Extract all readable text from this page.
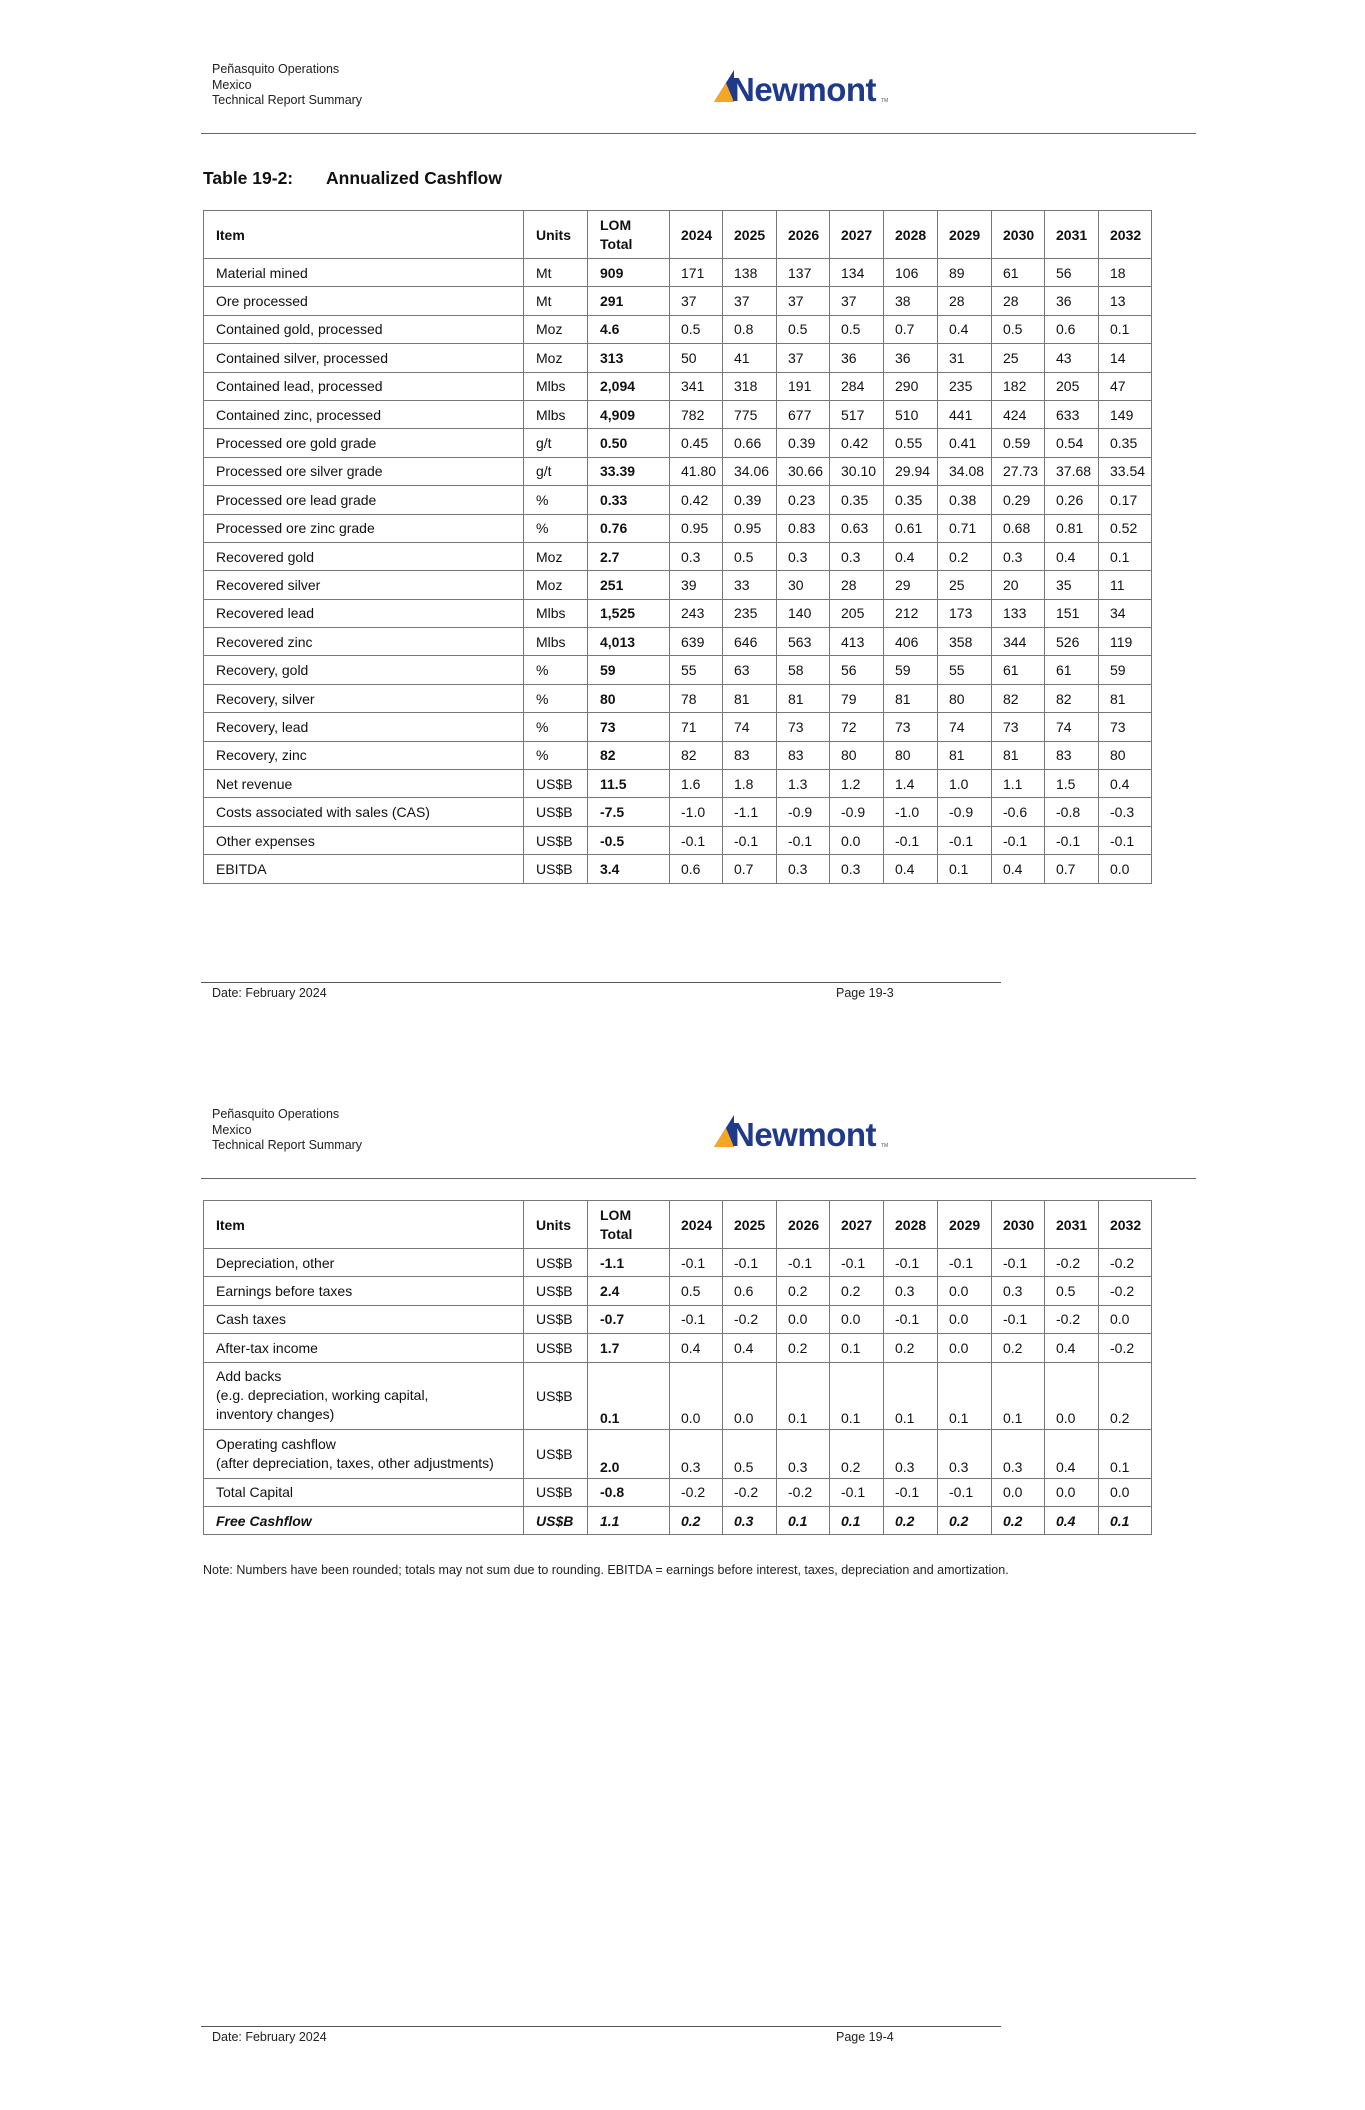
Peñasquito Operations
Mexico
Technical Report Summary	Newmont TM
Table 19-2: Annualized Cashflow
Item	Units	LOM
Total	2024	2025	2026	2027	2028	2029	2030	2031	2032
Material mined	Mt	909	171	138	137	134	106	89	61	56	18
Ore processed	Mt	291	37	37	37	37	38	28	28	36	13
Contained gold, processed	Moz	4.6	0.5	0.8	0.5	0.5	0.7	0.4	0.5	0.6	0.1
Contained silver, processed	Moz	313	50	41	37	36	36	31	25	43	14
Contained lead, processed	Mlbs	2,094	341	318	191	284	290	235	182	205	47
Contained zinc, processed	Mlbs	4,909	782	775	677	517	510	441	424	633	149
Processed ore gold grade	g/t	0.50	0.45	0.66	0.39	0.42	0.55	0.41	0.59	0.54	0.35
Processed ore silver grade	g/t	33.39	41.80	34.06	30.66	30.10	29.94	34.08	27.73	37.68	33.54
Processed ore lead grade	%	0.33	0.42	0.39	0.23	0.35	0.35	0.38	0.29	0.26	0.17
Processed ore zinc grade	%	0.76	0.95	0.95	0.83	0.63	0.61	0.71	0.68	0.81	0.52
Recovered gold	Moz	2.7	0.3	0.5	0.3	0.3	0.4	0.2	0.3	0.4	0.1
Recovered silver	Moz	251	39	33	30	28	29	25	20	35	11
Recovered lead	Mlbs	1,525	243	235	140	205	212	173	133	151	34
Recovered zinc	Mlbs	4,013	639	646	563	413	406	358	344	526	119
Recovery, gold	%	59	55	63	58	56	59	55	61	61	59
Recovery, silver	%	80	78	81	81	79	81	80	82	82	81
Recovery, lead	%	73	71	74	73	72	73	74	73	74	73
Recovery, zinc	%	82	82	83	83	80	80	81	81	83	80
Net revenue	US$B	11.5	1.6	1.8	1.3	1.2	1.4	1.0	1.1	1.5	0.4
Costs associated with sales (CAS)	US$B	-7.5	-1.0	-1.1	-0.9	-0.9	-1.0	-0.9	-0.6	-0.8	-0.3
Other expenses	US$B	-0.5	-0.1	-0.1	-0.1	0.0	-0.1	-0.1	-0.1	-0.1	-0.1
EBITDA	US$B	3.4	0.6	0.7	0.3	0.3	0.4	0.1	0.4	0.7	0.0
Date: February 2024	Page 19-3
Peñasquito Operations
Mexico
Technical Report Summary	Newmont TM
Item	Units	LOM
Total	2024	2025	2026	2027	2028	2029	2030	2031	2032
Depreciation, other	US$B	-1.1	-0.1	-0.1	-0.1	-0.1	-0.1	-0.1	-0.1	-0.2	-0.2
Earnings before taxes	US$B	2.4	0.5	0.6	0.2	0.2	0.3	0.0	0.3	0.5	-0.2
Cash taxes	US$B	-0.7	-0.1	-0.2	0.0	0.0	-0.1	0.0	-0.1	-0.2	0.0
After-tax income	US$B	1.7	0.4	0.4	0.2	0.1	0.2	0.0	0.2	0.4	-0.2
Add backs
(e.g. depreciation, working capital,
inventory changes)	US$B	0.1	0.0	0.0	0.1	0.1	0.1	0.1	0.1	0.0	0.2
Operating cashflow
(after depreciation, taxes, other adjustments)	US$B	2.0	0.3	0.5	0.3	0.2	0.3	0.3	0.3	0.4	0.1
Total Capital	US$B	-0.8	-0.2	-0.2	-0.2	-0.1	-0.1	-0.1	0.0	0.0	0.0
Free Cashflow	US$B	1.1	0.2	0.3	0.1	0.1	0.2	0.2	0.2	0.4	0.1
Note: Numbers have been rounded; totals may not sum due to rounding. EBITDA = earnings before interest, taxes, depreciation and amortization.
Date: February 2024	Page 19-4
